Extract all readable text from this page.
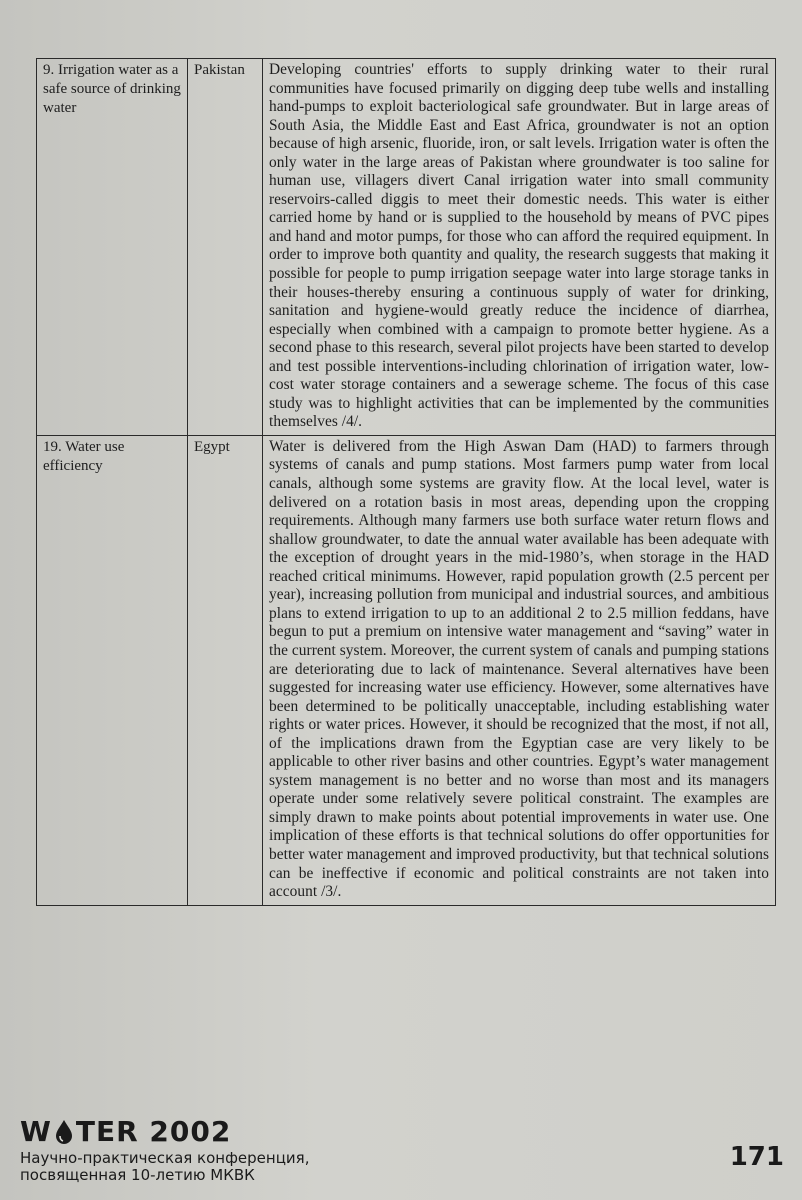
9. Irrigation water as a safe source of drinking water	Pakistan	Developing countries' efforts to supply drinking water to their rural communities have focused primarily on digging deep tube wells and installing hand-pumps to exploit bacteriological safe groundwater. But in large areas of South Asia, the Middle East and East Africa, groundwater is not an option because of high arsenic, fluoride, iron, or salt levels. Irrigation water is often the only water in the large areas of Pakistan where groundwater is too saline for human use, villagers divert Canal irrigation water into small community reservoirs-called diggis to meet their domestic needs. This water is either carried home by hand or is supplied to the household by means of PVC pipes and hand and motor pumps, for those who can afford the required equipment. In order to improve both quantity and quality, the research suggests that making it possible for people to pump irrigation seepage water into large storage tanks in their houses-thereby ensuring a continuous supply of water for drinking, sanitation and hygiene-would greatly reduce the incidence of diarrhea, especially when combined with a campaign to promote better hygiene. As a second phase to this research, several pilot projects have been started to develop and test possible interventions-including chlorination of irrigation water, low-cost water storage containers and a sewerage scheme. The focus of this case study was to highlight activities that can be implemented by the communities themselves /4/.
19. Water use efficiency	Egypt	Water is delivered from the High Aswan Dam (HAD) to farmers through systems of canals and pump stations. Most farmers pump water from local canals, although some systems are gravity flow. At the local level, water is delivered on a rotation basis in most areas, depending upon the cropping requirements. Although many farmers use both surface water return flows and shallow groundwater, to date the annual water available has been adequate with the exception of drought years in the mid-1980’s, when storage in the HAD reached critical minimums. However, rapid population growth (2.5 percent per year), increasing pollution from municipal and industrial sources, and ambitious plans to extend irrigation to up to an additional 2 to 2.5 million feddans, have begun to put a premium on intensive water management and “saving” water in the current system. Moreover, the current system of canals and pumping stations are deteriorating due to lack of maintenance. Several alternatives have been suggested for increasing water use efficiency. However, some alternatives have been determined to be politically unacceptable, including establishing water rights or water prices. However, it should be recognized that the most, if not all, of the implications drawn from the Egyptian case are very likely to be applicable to other river basins and other countries. Egypt’s water management system management is no better and no worse than most and its managers operate under some relatively severe political constraint. The examples are simply drawn to make points about potential improvements in water use. One implication of these efforts is that technical solutions do offer opportunities for better water management and improved productivity, but that technical solutions can be ineffective if economic and political constraints are not taken into account /3/.
W TER 2002
Научно-практическая конференция,
посвященная 10-летию МКВК
171
